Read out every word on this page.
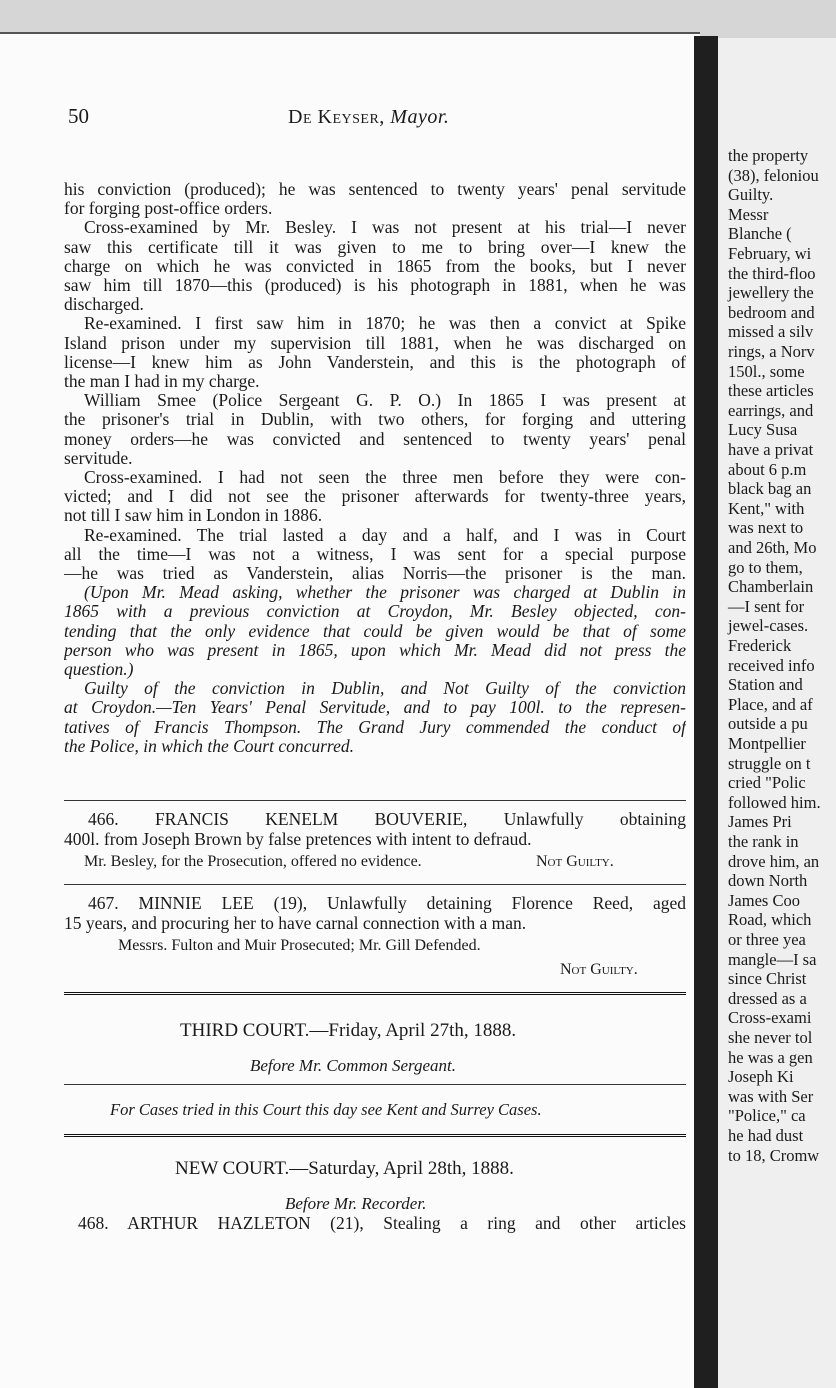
50	De Keyser, Mayor.
his conviction (produced); he was sentenced to twenty years' penal servitude
for forging post-office orders.
Cross-examined by Mr. Besley. I was not present at his trial—I never
saw this certificate till it was given to me to bring over—I knew the
charge on which he was convicted in 1865 from the books, but I never
saw him till 1870—this (produced) is his photograph in 1881, when he was
discharged.
Re-examined. I first saw him in 1870; he was then a convict at Spike
Island prison under my supervision till 1881, when he was discharged on
license—I knew him as John Vanderstein, and this is the photograph of
the man I had in my charge.
William Smee (Police Sergeant G. P. O.) In 1865 I was present at
the prisoner's trial in Dublin, with two others, for forging and uttering
money orders—he was convicted and sentenced to twenty years' penal
servitude.
Cross-examined. I had not seen the three men before they were con-
victed; and I did not see the prisoner afterwards for twenty-three years,
not till I saw him in London in 1886.
Re-examined. The trial lasted a day and a half, and I was in Court
all the time—I was not a witness, I was sent for a special purpose
—he was tried as Vanderstein, alias Norris—the prisoner is the man.
(Upon Mr. Mead asking, whether the prisoner was charged at Dublin in
1865 with a previous conviction at Croydon, Mr. Besley objected, con-
tending that the only evidence that could be given would be that of some
person who was present in 1865, upon which Mr. Mead did not press the
question.)
Guilty of the conviction in Dublin, and Not Guilty of the conviction
at Croydon.—Ten Years' Penal Servitude, and to pay 100l. to the represen-
tatives of Francis Thompson. The Grand Jury commended the conduct of
the Police, in which the Court concurred.
466. FRANCIS KENELM BOUVERIE, Unlawfully obtaining
400l. from Joseph Brown by false pretences with intent to defraud.
Mr. Besley, for the Prosecution, offered no evidence.	Not Guilty.
467. MINNIE LEE (19), Unlawfully detaining Florence Reed, aged
15 years, and procuring her to have carnal connection with a man.
Messrs. Fulton and Muir Prosecuted; Mr. Gill Defended.
Not Guilty.
THIRD COURT.—Friday, April 27th, 1888.
Before Mr. Common Sergeant.
For Cases tried in this Court this day see Kent and Surrey Cases.
NEW COURT.—Saturday, April 28th, 1888.
Before Mr. Recorder.
468. ARTHUR HAZLETON (21), Stealing a ring and other articles
the property
(38), feloniou
Guilty.
Messr
Blanche (
February, wi
the third-floo
jewellery the
bedroom and
missed a silv
rings, a Norv
150l., some
these articles
earrings, and
Lucy Susa
have a privat
about 6 p.m
black bag an
Kent," with
was next to
and 26th, Mo
go to them,
Chamberlain
—I sent for
jewel-cases.
Frederick
received info
Station and
Place, and af
outside a pu
Montpellier
struggle on t
cried "Polic
followed him.
James Pri
the rank in
drove him, an
down North
James Coo
Road, which
or three yea
mangle—I sa
since Christ
dressed as a
Cross-exami
she never tol
he was a gen
Joseph Ki
was with Ser
"Police," ca
he had dust
to 18, Cromw
